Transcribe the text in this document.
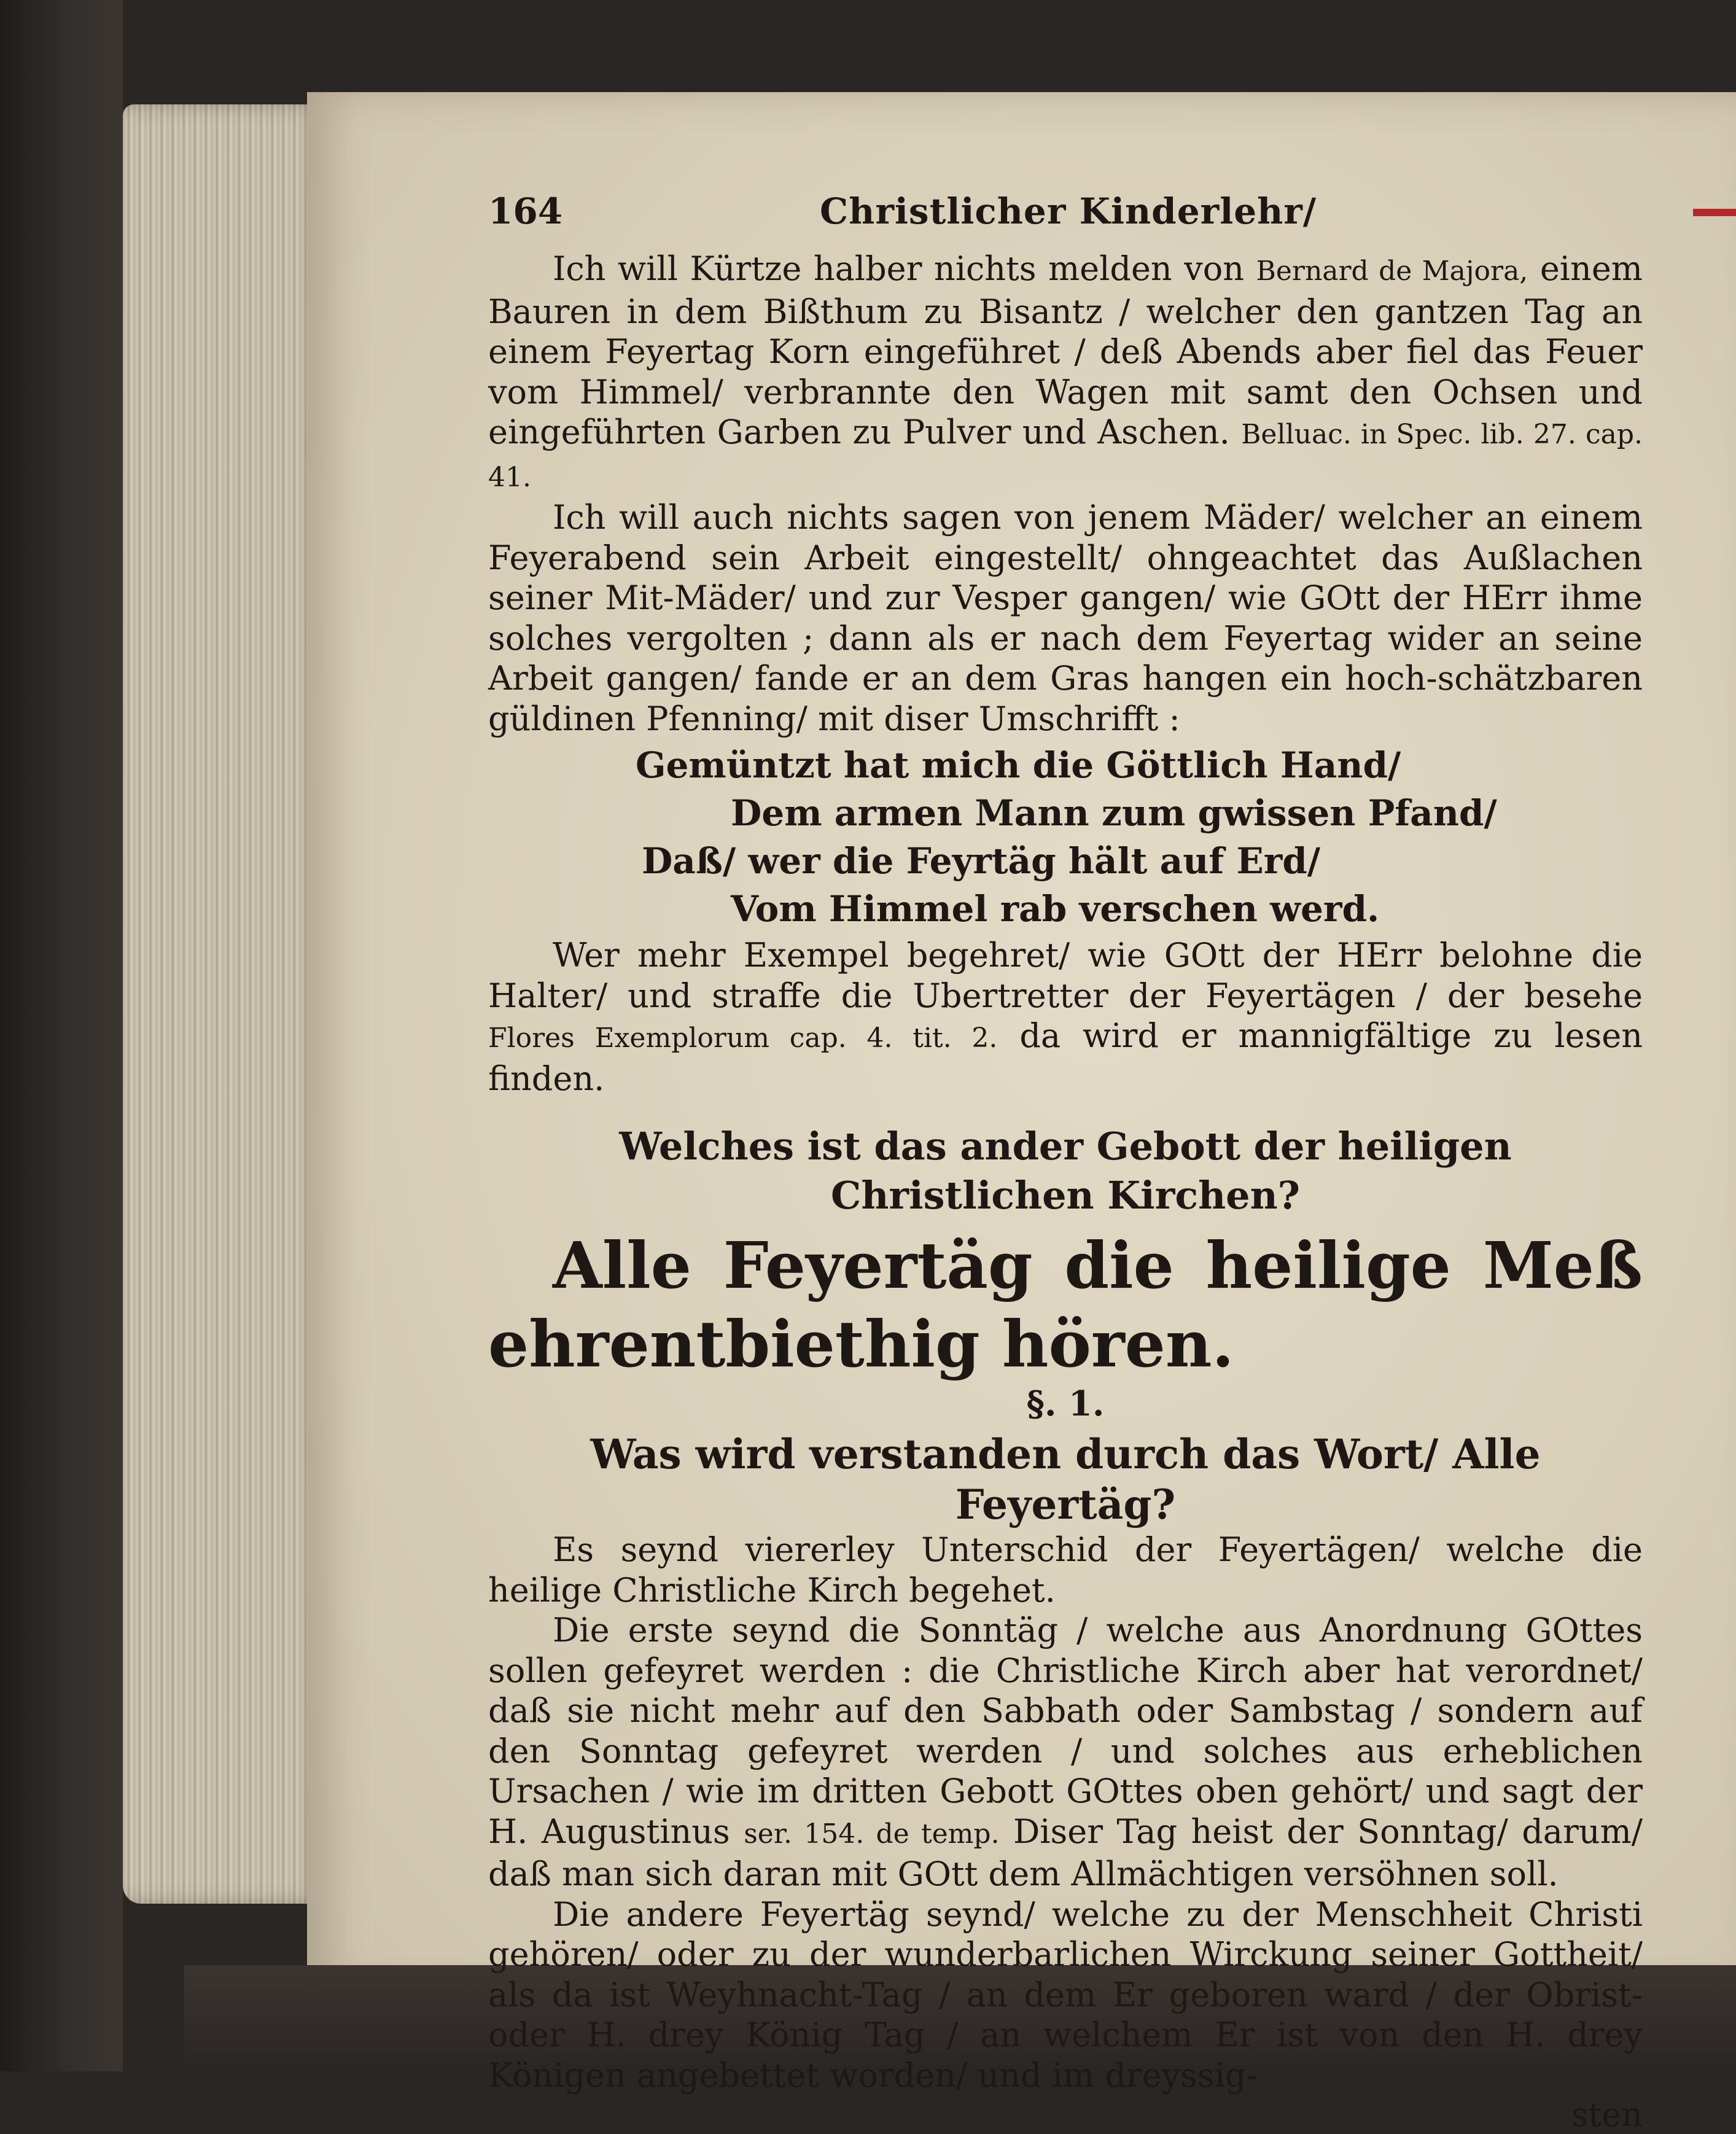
164	Christlicher Kinderlehr/

Ich will Kürtze halber nichts melden von Bernard de Majora, einem Bauren in dem Bißthum zu Bisantz / welcher den gantzen Tag an einem Feyertag Korn eingeführet / deß Abends aber fiel das Feuer vom Himmel/ verbrannte den Wagen mit samt den Ochsen und eingeführten Garben zu Pulver und Aschen. Belluac. in Spec. lib. 27. cap. 41.

Ich will auch nichts sagen von jenem Mäder/ welcher an einem Feyerabend sein Arbeit eingestellt/ ohngeachtet das Außlachen seiner Mit-Mäder/ und zur Vesper gangen/ wie GOtt der HErr ihme solches vergolten ; dann als er nach dem Feyertag wider an seine Arbeit gangen/ fande er an dem Gras hangen ein hoch-schätzbaren güldinen Pfenning/ mit diser Umschrifft :

Gemüntzt hat mich die Göttlich Hand/
Dem armen Mann zum gwissen Pfand/
Daß/ wer die Feyrtäg hält auf Erd/
Vom Himmel rab verschen werd.

Wer mehr Exempel begehret/ wie GOtt der HErr belohne die Halter/ und straffe die Ubertretter der Feyertägen / der besehe Flores Exemplorum cap. 4. tit. 2. da wird er mannigfältige zu lesen finden.

Welches ist das ander Gebott der heiligen Christlichen Kirchen?
Alle Feyertäg die heilige Meß ehrentbiethig hören.
§. 1.
Was wird verstanden durch das Wort/ Alle Feyertäg?

Es seynd viererley Unterschid der Feyertägen/ welche die heilige Christliche Kirch begehet.

Die erste seynd die Sonntäg / welche aus Anordnung GOttes sollen gefeyret werden : die Christliche Kirch aber hat verordnet/ daß sie nicht mehr auf den Sabbath oder Sambstag / sondern auf den Sonntag gefeyret werden / und solches aus erheblichen Ursachen / wie im dritten Gebott GOttes oben gehört/ und sagt der H. Augustinus ser. 154. de temp. Diser Tag heist der Sonntag/ darum/ daß man sich daran mit GOtt dem Allmächtigen versöhnen soll.

Die andere Feyertäg seynd/ welche zu der Menschheit Christi gehören/ oder zu der wunderbarlichen Wirckung seiner Gottheit/ als da ist Weyhnacht-Tag / an dem Er geboren ward / der Obrist-oder H. drey König Tag / an welchem Er ist von den H. drey Königen angebettet worden/ und im dreyssig-

sten
